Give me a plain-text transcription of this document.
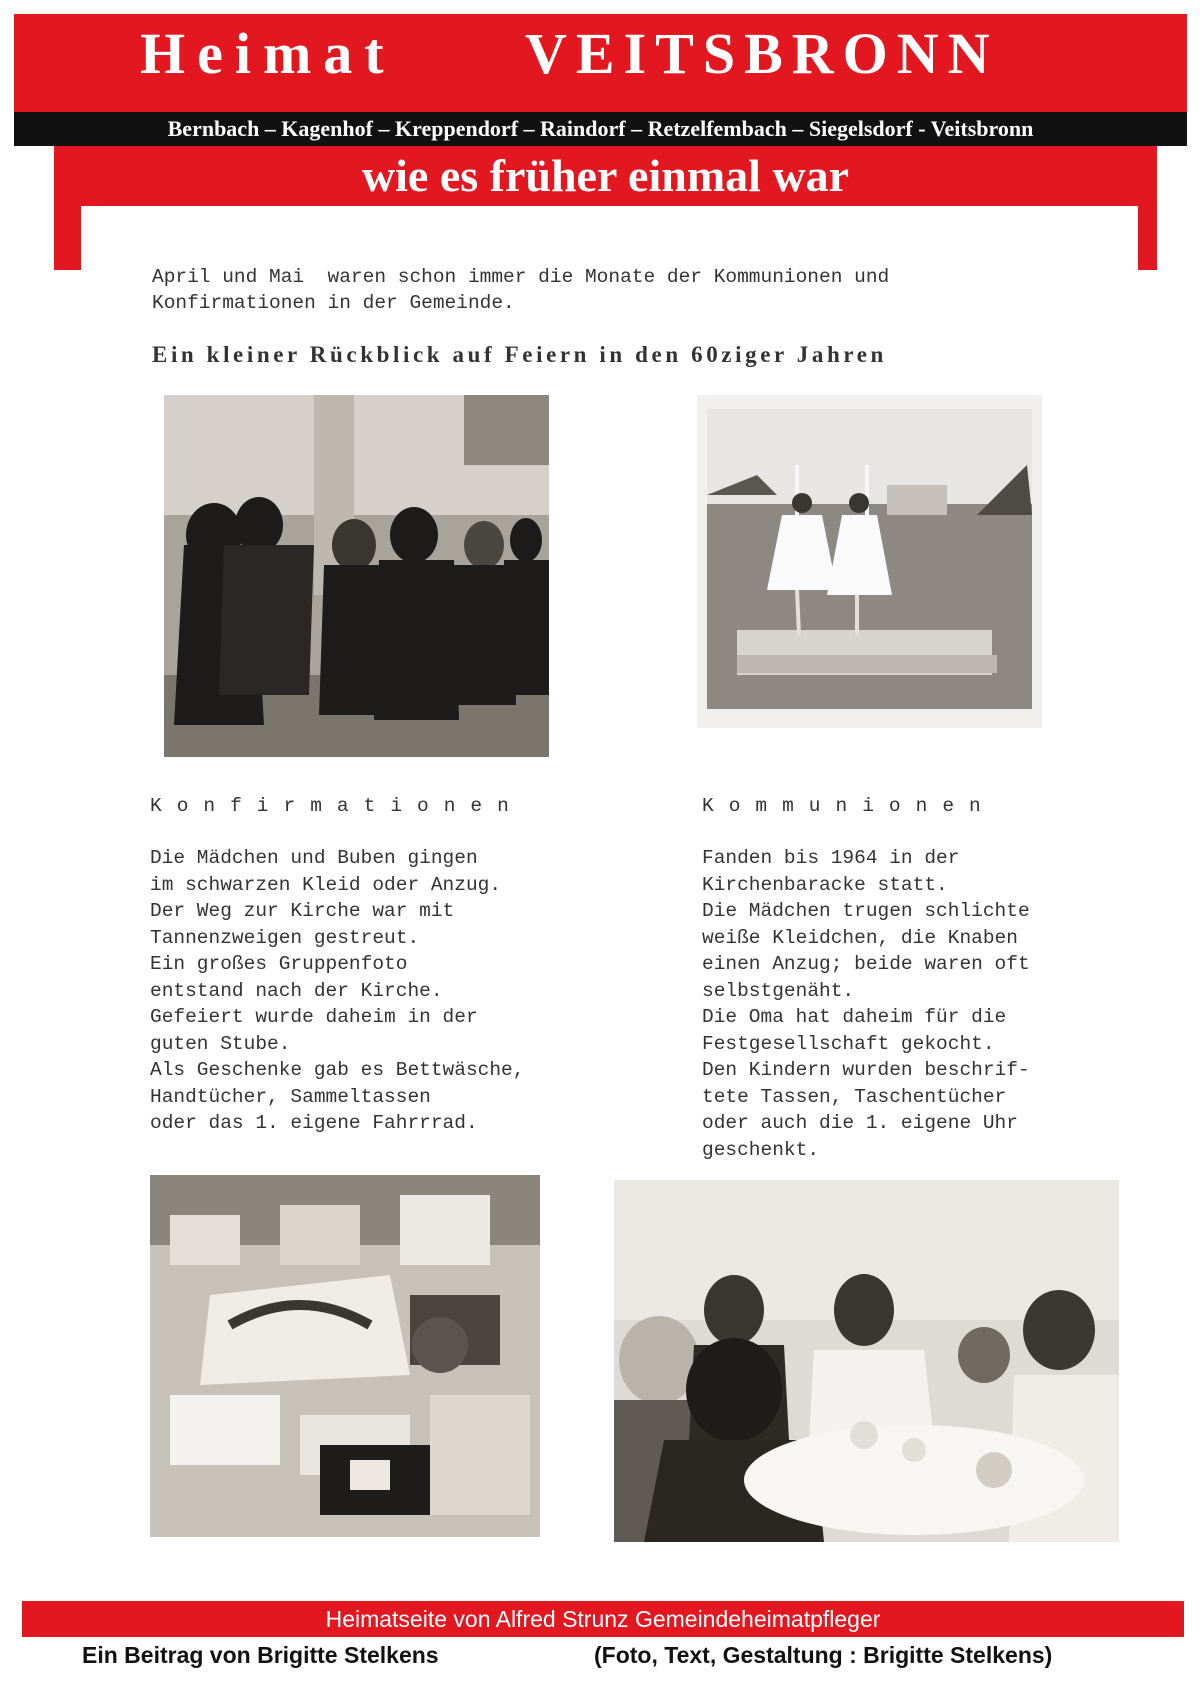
Heimat VEITSBRONN
Bernbach – Kagenhof – Kreppendorf – Raindorf – Retzelfembach – Siegelsdorf - Veitsbronn
wie es früher einmal war
April und Mai  waren schon immer die Monate der Kommunionen und
Konfirmationen in der Gemeinde.
Ein kleiner Rückblick auf Feiern in den 60ziger Jahren
Konfirmationen	Kommunionen
Die Mädchen und Buben gingen
im schwarzen Kleid oder Anzug.
Der Weg zur Kirche war mit
Tannenzweigen gestreut.
Ein großes Gruppenfoto
entstand nach der Kirche.
Gefeiert wurde daheim in der
guten Stube.
Als Geschenke gab es Bettwäsche,
Handtücher, Sammeltassen
oder das 1. eigene Fahrrrad.
Fanden bis 1964 in der
Kirchenbaracke statt.
Die Mädchen trugen schlichte
weiße Kleidchen, die Knaben
einen Anzug; beide waren oft
selbstgenäht.
Die Oma hat daheim für die
Festgesellschaft gekocht.
Den Kindern wurden beschrif-
tete Tassen, Taschentücher
oder auch die 1. eigene Uhr
geschenkt.
Heimatseite von Alfred Strunz Gemeindeheimatpfleger
Ein Beitrag von Brigitte Stelkens	(Foto, Text, Gestaltung : Brigitte Stelkens)
